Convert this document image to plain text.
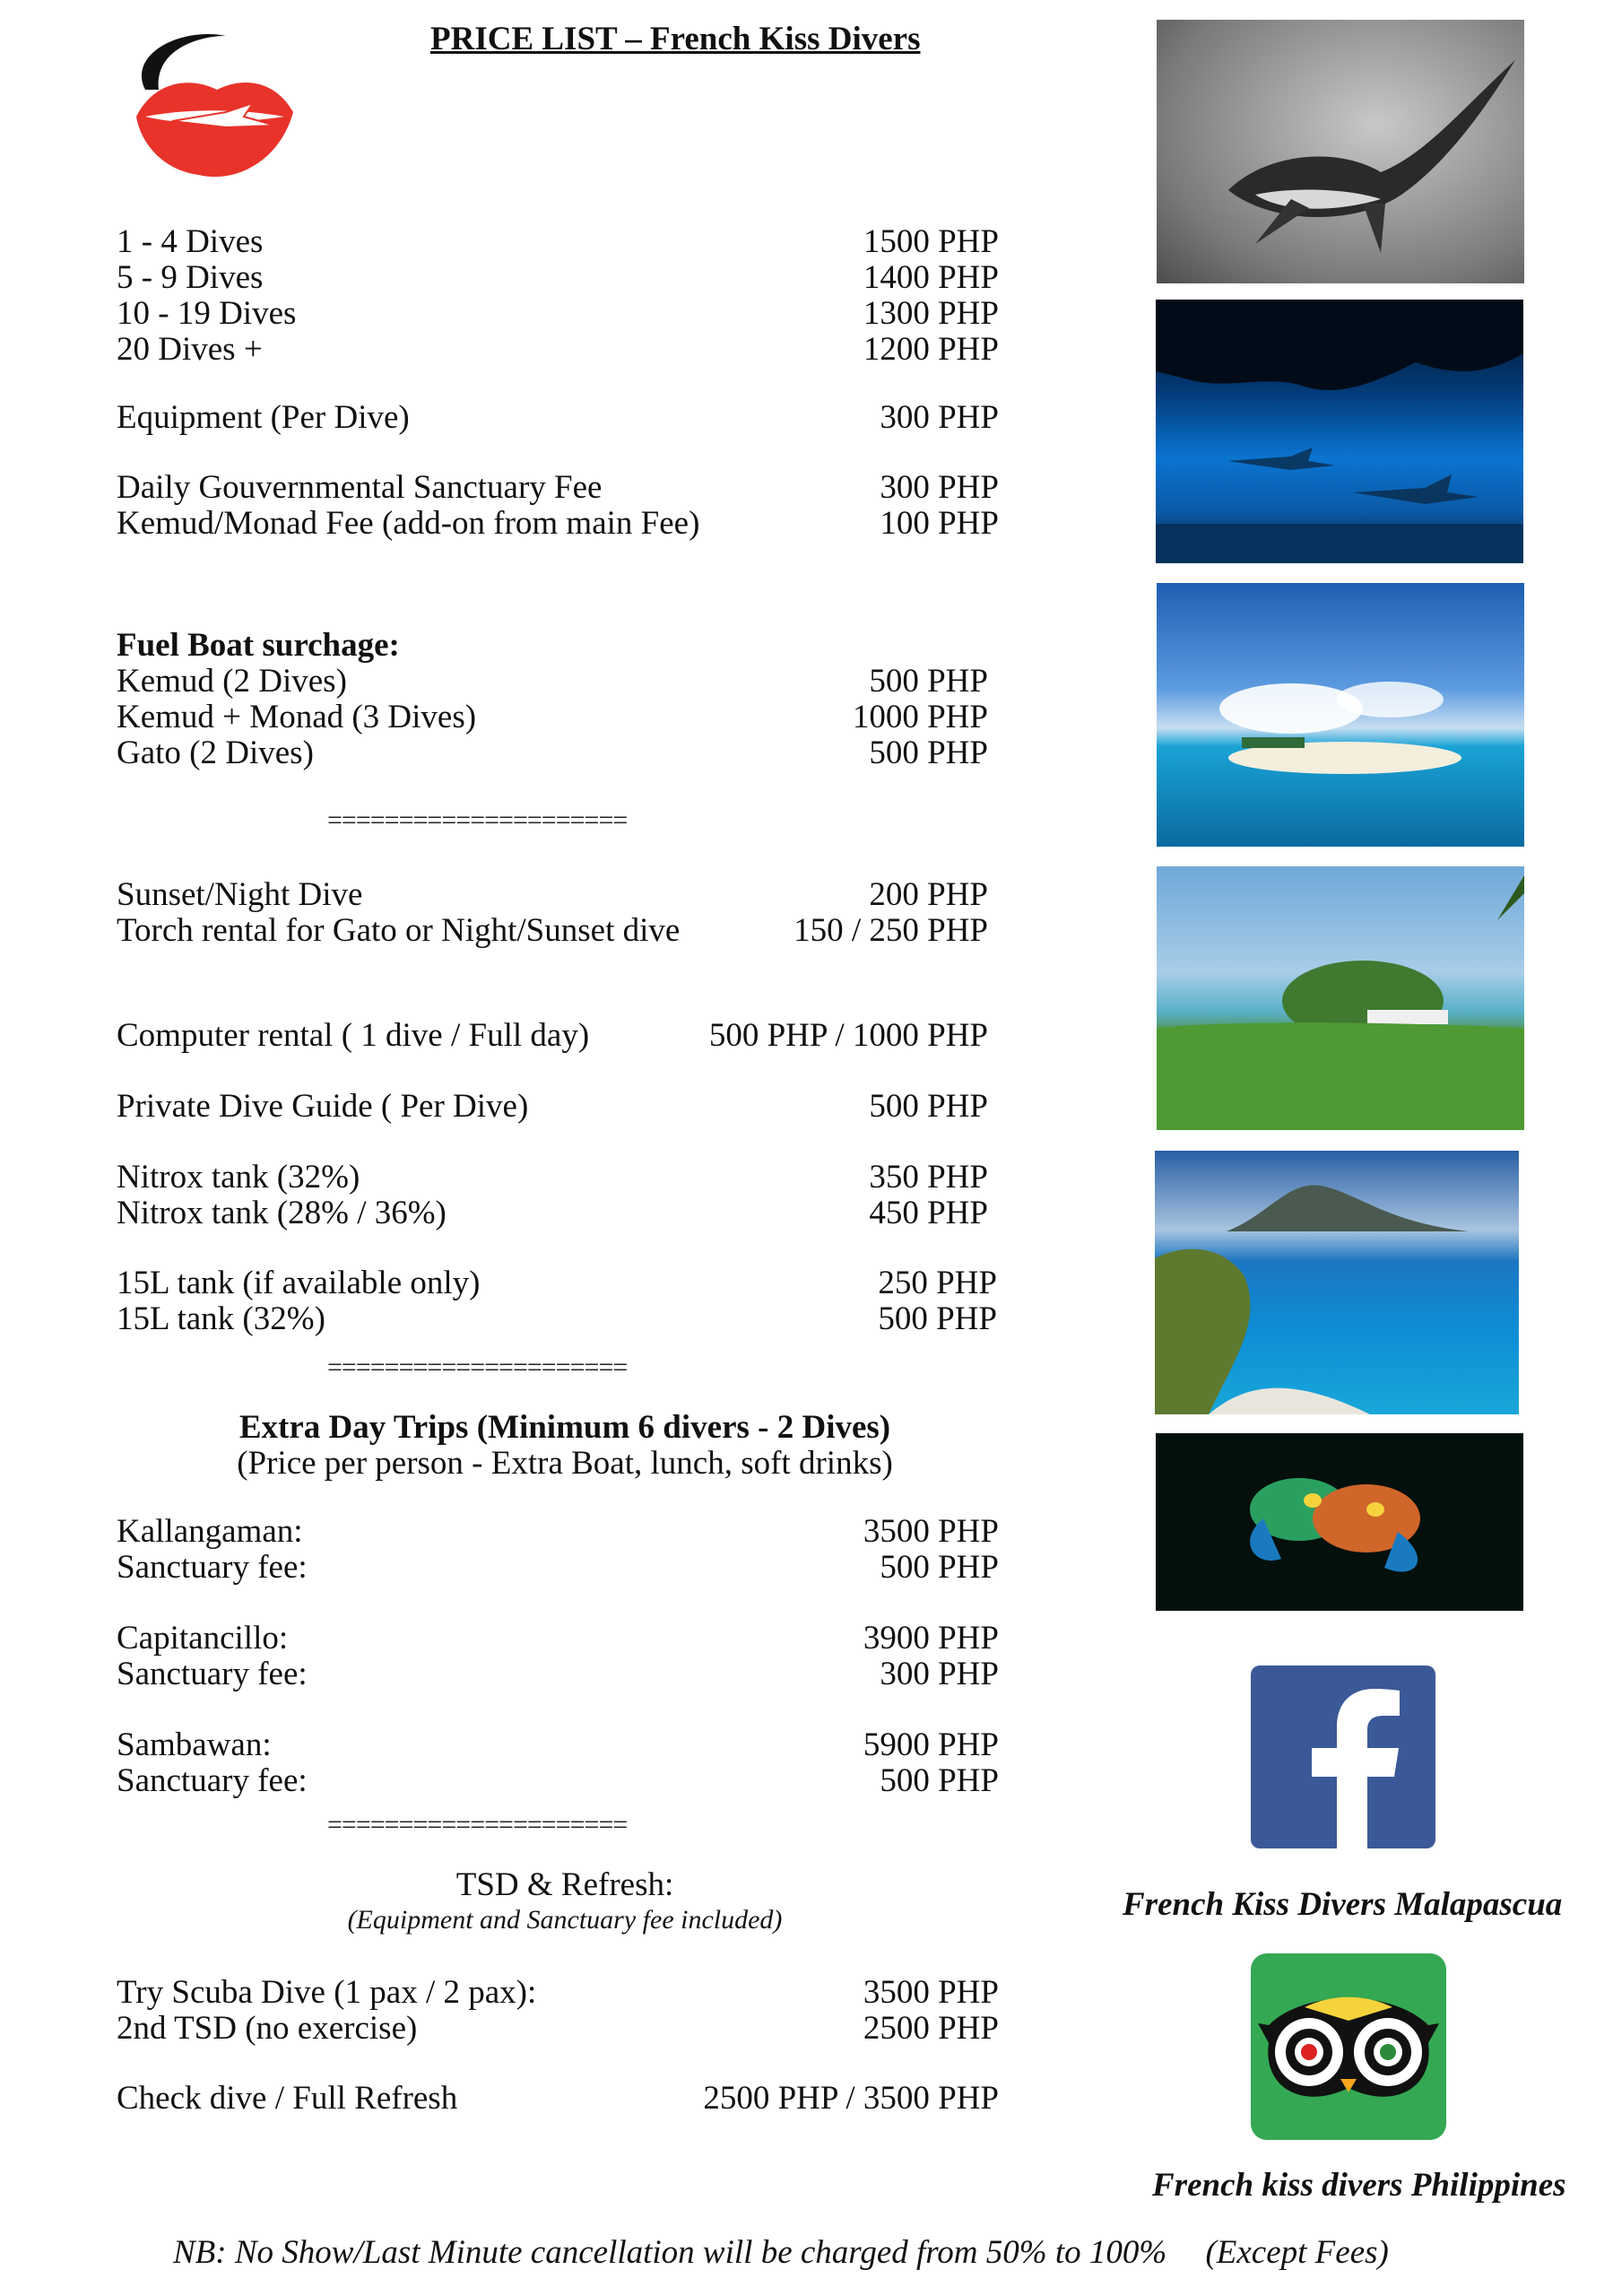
PRICE LIST – French Kiss Divers
1 - 4 Dives	1500 PHP
5 - 9 Dives	1400 PHP
10 - 19 Dives	1300 PHP
20 Dives +	1200 PHP
Equipment (Per Dive)	300 PHP
Daily Gouvernmental Sanctuary Fee	300 PHP
Kemud/Monad Fee (add-on from main Fee)	100 PHP
Fuel Boat surchage:
Kemud (2 Dives)	500 PHP
Kemud + Monad (3 Dives)	1000 PHP
Gato (2 Dives)	500 PHP
=====================
Sunset/Night Dive	200 PHP
Torch rental for Gato or Night/Sunset dive	150 / 250 PHP
Computer rental ( 1 dive / Full day)	500 PHP / 1000 PHP
Private Dive Guide ( Per Dive)	500 PHP
Nitrox tank (32%)	350 PHP
Nitrox tank (28% / 36%)	450 PHP
15L tank (if available only)	250 PHP
15L tank (32%)	500 PHP
=====================
Extra Day Trips (Minimum 6 divers - 2 Dives)
(Price per person - Extra Boat, lunch, soft drinks)
Kallangaman:	3500 PHP
Sanctuary fee:	500 PHP
Capitancillo:	3900 PHP
Sanctuary fee:	300 PHP
Sambawan:	5900 PHP
Sanctuary fee:	500 PHP
=====================
TSD & Refresh:
(Equipment and Sanctuary fee included)
Try Scuba Dive (1 pax / 2 pax):	3500 PHP
2nd TSD (no exercise)	2500 PHP
Check dive / Full Refresh	2500 PHP / 3500 PHP
French Kiss Divers Malapascua
French kiss divers Philippines
NB: No Show/Last Minute cancellation will be charged from 50% to 100% (Except Fees)
